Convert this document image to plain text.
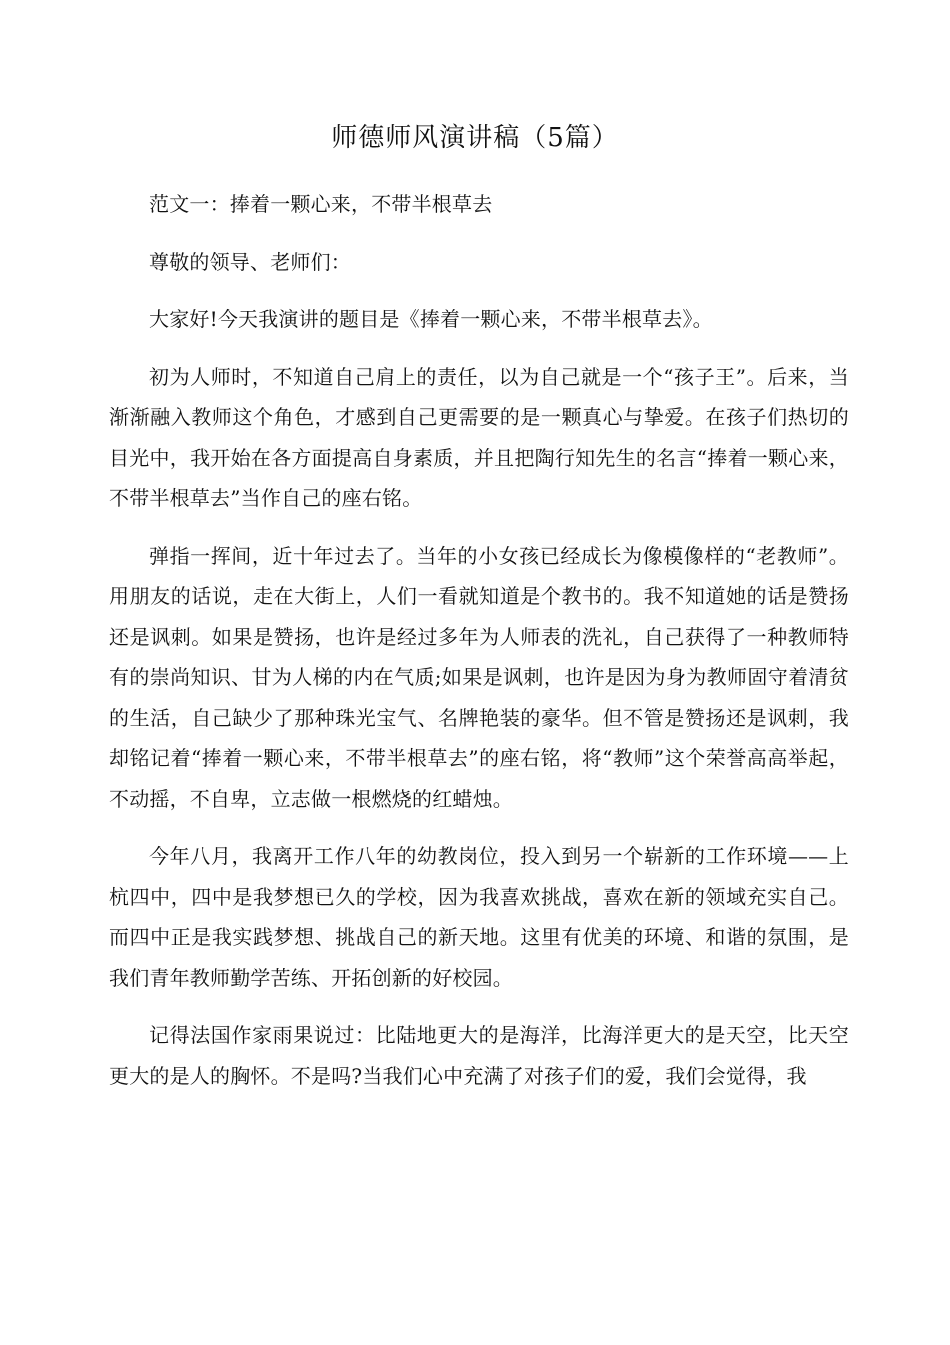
师德师风演讲稿（5篇）

范文一：捧着一颗心来，不带半根草去

尊敬的领导、老师们：

大家好!今天我演讲的题目是《捧着一颗心来，不带半根草去》。

初为人师时，不知道自己肩上的责任，以为自己就是一个“孩子王”。后来，当渐渐融入教师这个角色，才感到自己更需要的是一颗真心与挚爱。在孩子们热切的目光中，我开始在各方面提高自身素质，并且把陶行知先生的名言“捧着一颗心来，不带半根草去”当作自己的座右铭。

弹指一挥间，近十年过去了。当年的小女孩已经成长为像模像样的“老教师”。用朋友的话说，走在大街上，人们一看就知道是个教书的。我不知道她的话是赞扬还是讽刺。如果是赞扬，也许是经过多年为人师表的洗礼，自己获得了一种教师特有的崇尚知识、甘为人梯的内在气质;如果是讽刺，也许是因为身为教师固守着清贫的生活，自己缺少了那种珠光宝气、名牌艳装的豪华。但不管是赞扬还是讽刺，我却铭记着“捧着一颗心来，不带半根草去”的座右铭，将“教师”这个荣誉高高举起，不动摇，不自卑，立志做一根燃烧的红蜡烛。

今年八月，我离开工作八年的幼教岗位，投入到另一个崭新的工作环境——上杭四中，四中是我梦想已久的学校，因为我喜欢挑战，喜欢在新的领域充实自己。而四中正是我实践梦想、挑战自己的新天地。这里有优美的环境、和谐的氛围，是我们青年教师勤学苦练、开拓创新的好校园。

记得法国作家雨果说过：比陆地更大的是海洋，比海洋更大的是天空，比天空更大的是人的胸怀。不是吗?当我们心中充满了对孩子们的爱，我们会觉得，我
